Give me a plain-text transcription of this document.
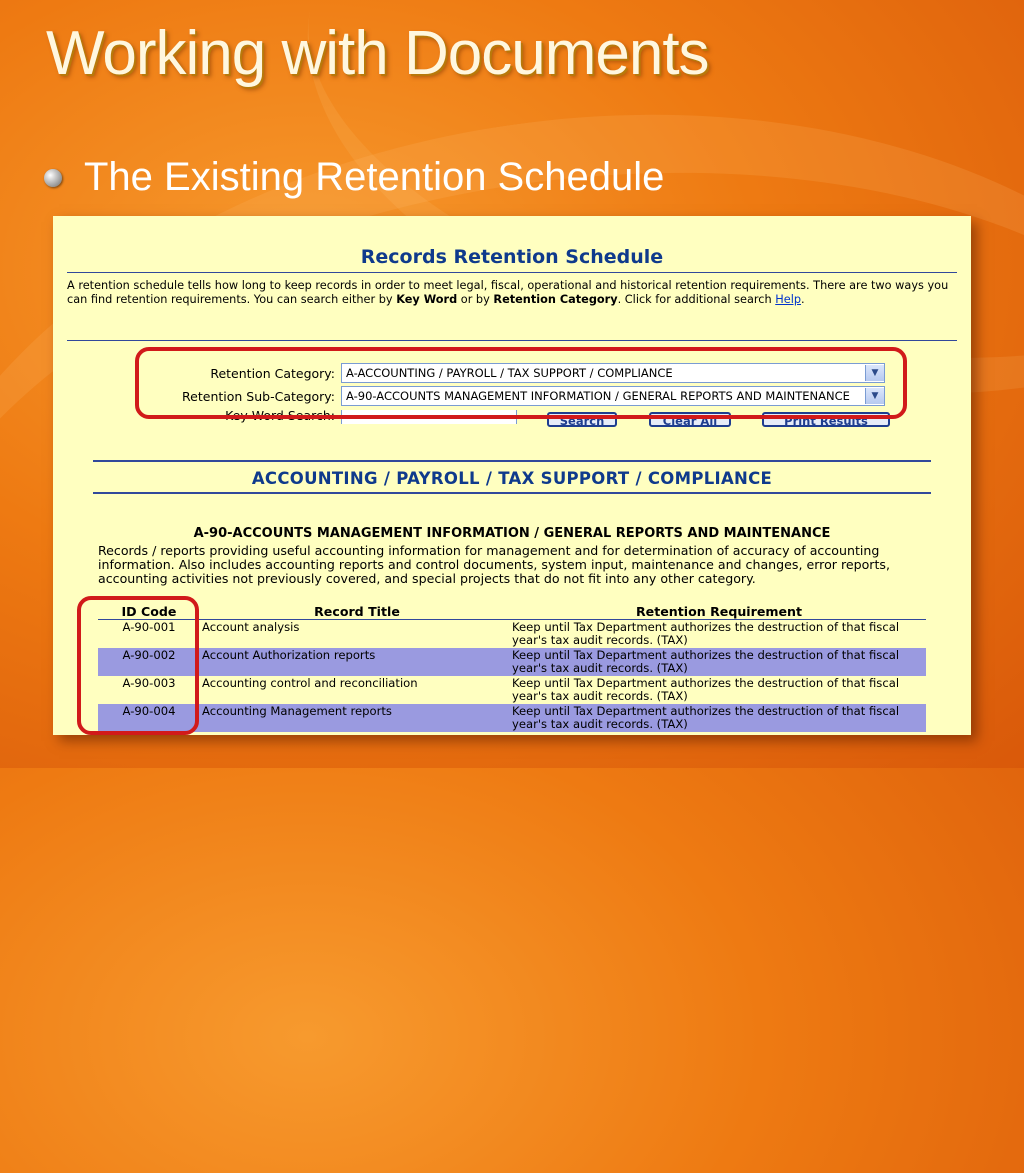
Working with Documents
The Existing Retention Schedule
Records Retention Schedule
A retention schedule tells how long to keep records in order to meet legal, fiscal, operational and historical retention requirements. There are two ways you can find retention requirements. You can search either by Key Word or by Retention Category. Click for additional search Help.
Retention Category: A-ACCOUNTING / PAYROLL / TAX SUPPORT / COMPLIANCE	▼
Retention Sub-Category: A-90-ACCOUNTS MANAGEMENT INFORMATION / GENERAL REPORTS AND MAINTENANCE	▼
Key Word Search:	Search	Clear All	Print Results
ACCOUNTING / PAYROLL / TAX SUPPORT / COMPLIANCE
A-90-ACCOUNTS MANAGEMENT INFORMATION / GENERAL REPORTS AND MAINTENANCE
Records / reports providing useful accounting information for management and for determination of accuracy of accounting information. Also includes accounting reports and control documents, system input, maintenance and changes, error reports, accounting activities not previously covered, and special projects that do not fit into any other category.
ID Code	Record Title	Retention Requirement
A-90-001	Account analysis	Keep until Tax Department authorizes the destruction of that fiscal year's tax audit records. (TAX)
A-90-002	Account Authorization reports	Keep until Tax Department authorizes the destruction of that fiscal year's tax audit records. (TAX)
A-90-003	Accounting control and reconciliation	Keep until Tax Department authorizes the destruction of that fiscal year's tax audit records. (TAX)
A-90-004	Accounting Management reports	Keep until Tax Department authorizes the destruction of that fiscal year's tax audit records. (TAX)
